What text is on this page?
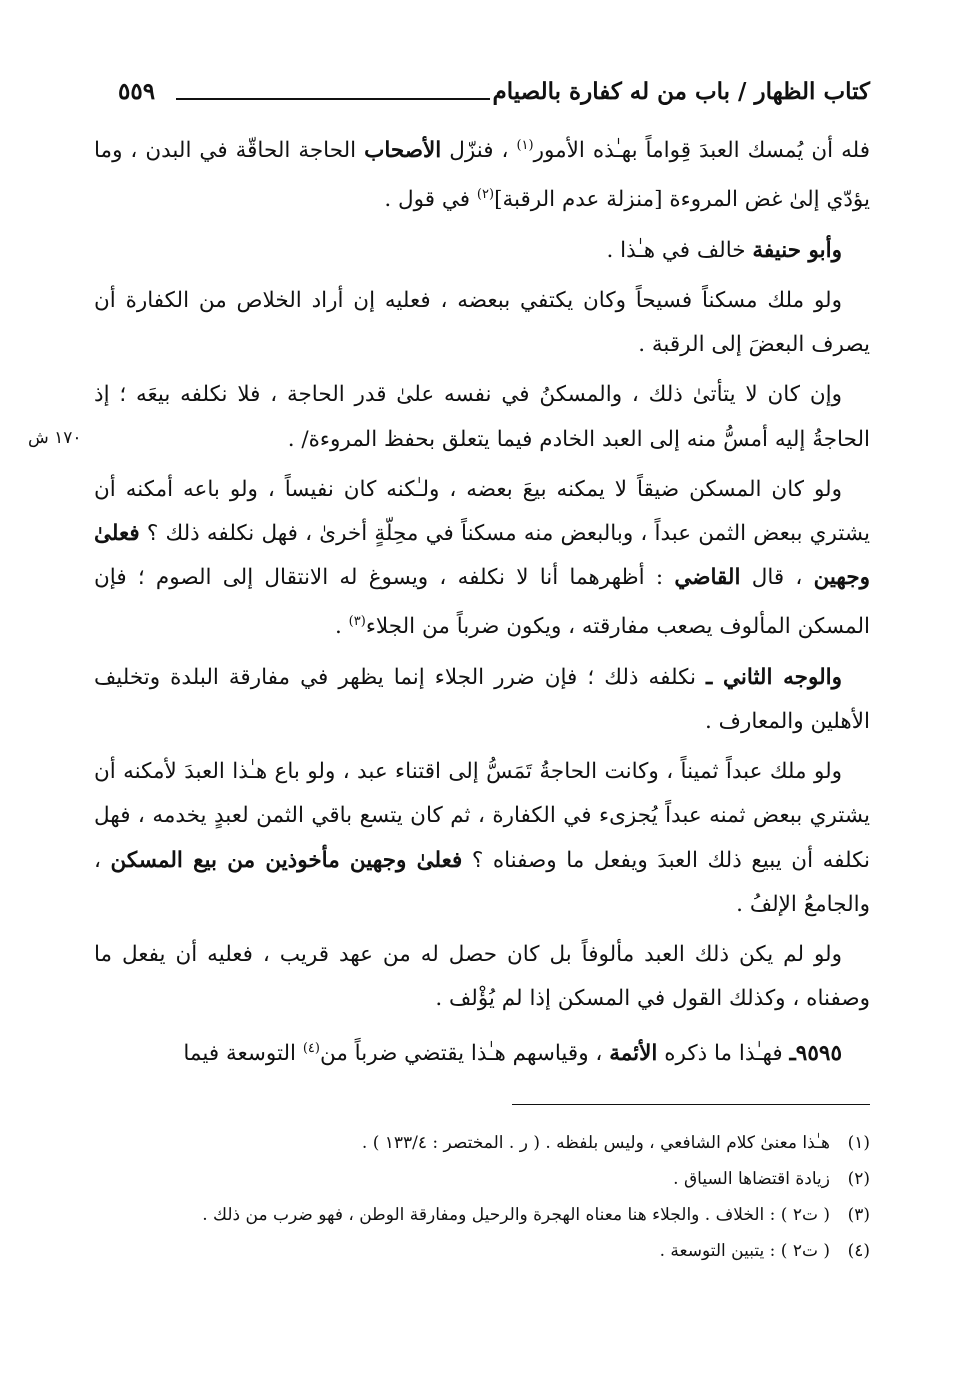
كتاب الظهار / باب من له كفارة بالصيام
٥٥٩
١٧٠ ش

فله أن يُمسك العبدَ قِواماً بهـٰذه الأمور$^{(١)}$ ، فنزّل الأصحاب الحاجة الحاقّة في البدن ، وما يؤدّي إلىٰ غض المروءة [منزلة عدم الرقبة]$^{(٢)}$ في قول .

وأبو حنيفة خالف في هـٰذا .

ولو ملك مسكناً فسيحاً وكان يكتفي ببعضه ، فعليه إن أراد الخلاص من الكفارة أن يصرف البعضَ إلى الرقبة .

وإن كان لا يتأتىٰ ذلك ، والمسكنُ في نفسه علىٰ قدر الحاجة ، فلا نكلفه بيعَه ؛ إذ الحاجةُ إليه أمسُّ منه إلى العبد الخادم فيما يتعلق بحفظ المروءة/ .

ولو كان المسكن ضيقاً لا يمكنه بيعَ بعضه ، ولـٰكنه كان نفيساً ، ولو باعه أمكنه أن يشتري ببعض الثمن عبداً ، وبالبعض منه مسكناً في محِلّةٍ أخرىٰ ، فهل نكلفه ذلك ؟ فعلىٰ وجهين ، قال القاضي : أظهرهما أنا لا نكلفه ، ويسوغ له الانتقال إلى الصوم ؛ فإن المسكن المألوف يصعب مفارقته ، ويكون ضرباً من الجلاء$^{(٣)}$ .

والوجه الثاني ـ نكلفه ذلك ؛ فإن ضرر الجلاء إنما يظهر في مفارقة البلدة وتخليف الأهلين والمعارف .

ولو ملك عبداً ثميناً ، وكانت الحاجةُ تَمَسُّ إلى اقتناء عبد ، ولو باع هـٰذا العبدَ لأمكنه أن يشتري ببعض ثمنه عبداً يُجزىء في الكفارة ، ثم كان يتسع باقي الثمن لعبدٍ يخدمه ، فهل نكلفه أن يبيع ذلك العبدَ ويفعل ما وصفناه ؟ فعلىٰ وجهين مأخوذين من بيع المسكن ، والجامعُ الإلفُ .

ولو لم يكن ذلك العبد مألوفاً بل كان حصل له من عهد قريب ، فعليه أن يفعل ما وصفناه ، وكذلك القول في المسكن إذا لم يُؤْلف .

٩٥٩٥ـ فهـٰذا ما ذكره الأئمة ، وقياسهم هـٰذا يقتضي ضرباً من$^{(٤)}$ التوسعة فيما

(١)
هـٰذا معنىٰ كلام الشافعي ، وليس بلفظه . ( ر . المختصر : ١٣٣/٤ ) .
(٢)
زيادة اقتضاها السياق .
(٣)
( ت٢ ) : الخلاف . والجلاء هنا معناه الهجرة والرحيل ومفارقة الوطن ، فهو ضرب من ذلك .
(٤)
( ت٢ ) : يتبين التوسعة .
